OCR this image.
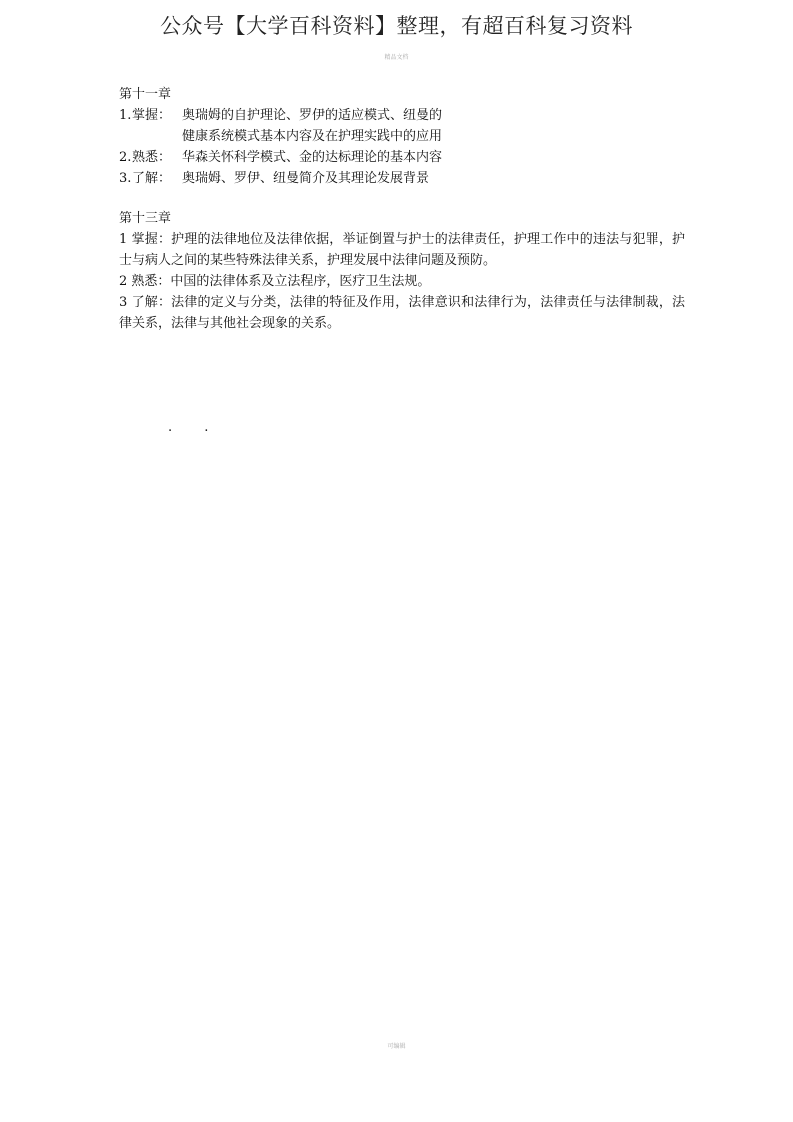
公众号【大学百科资料】整理，有超百科复习资料
精品文档
第十一章
1. 掌握： 奥瑞姆的自护理论、罗伊的适应模式、纽曼的健康系统模式基本内容及在护理实践中的应用
2. 熟悉： 华森关怀科学模式、金的达标理论的基本内容
3. 了解： 奥瑞姆、罗伊、纽曼简介及其理论发展背景
第十三章
1 掌握：护理的法律地位及法律依据，举证倒置与护士的法律责任，护理工作中的违法与犯罪，护士与病人之间的某些特殊法律关系，护理发展中法律问题及预防。
2 熟悉：中国的法律体系及立法程序，医疗卫生法规。
3 了解：法律的定义与分类，法律的特征及作用，法律意识和法律行为，法律责任与法律制裁，法律关系，法律与其他社会现象的关系。
. .
可编辑
